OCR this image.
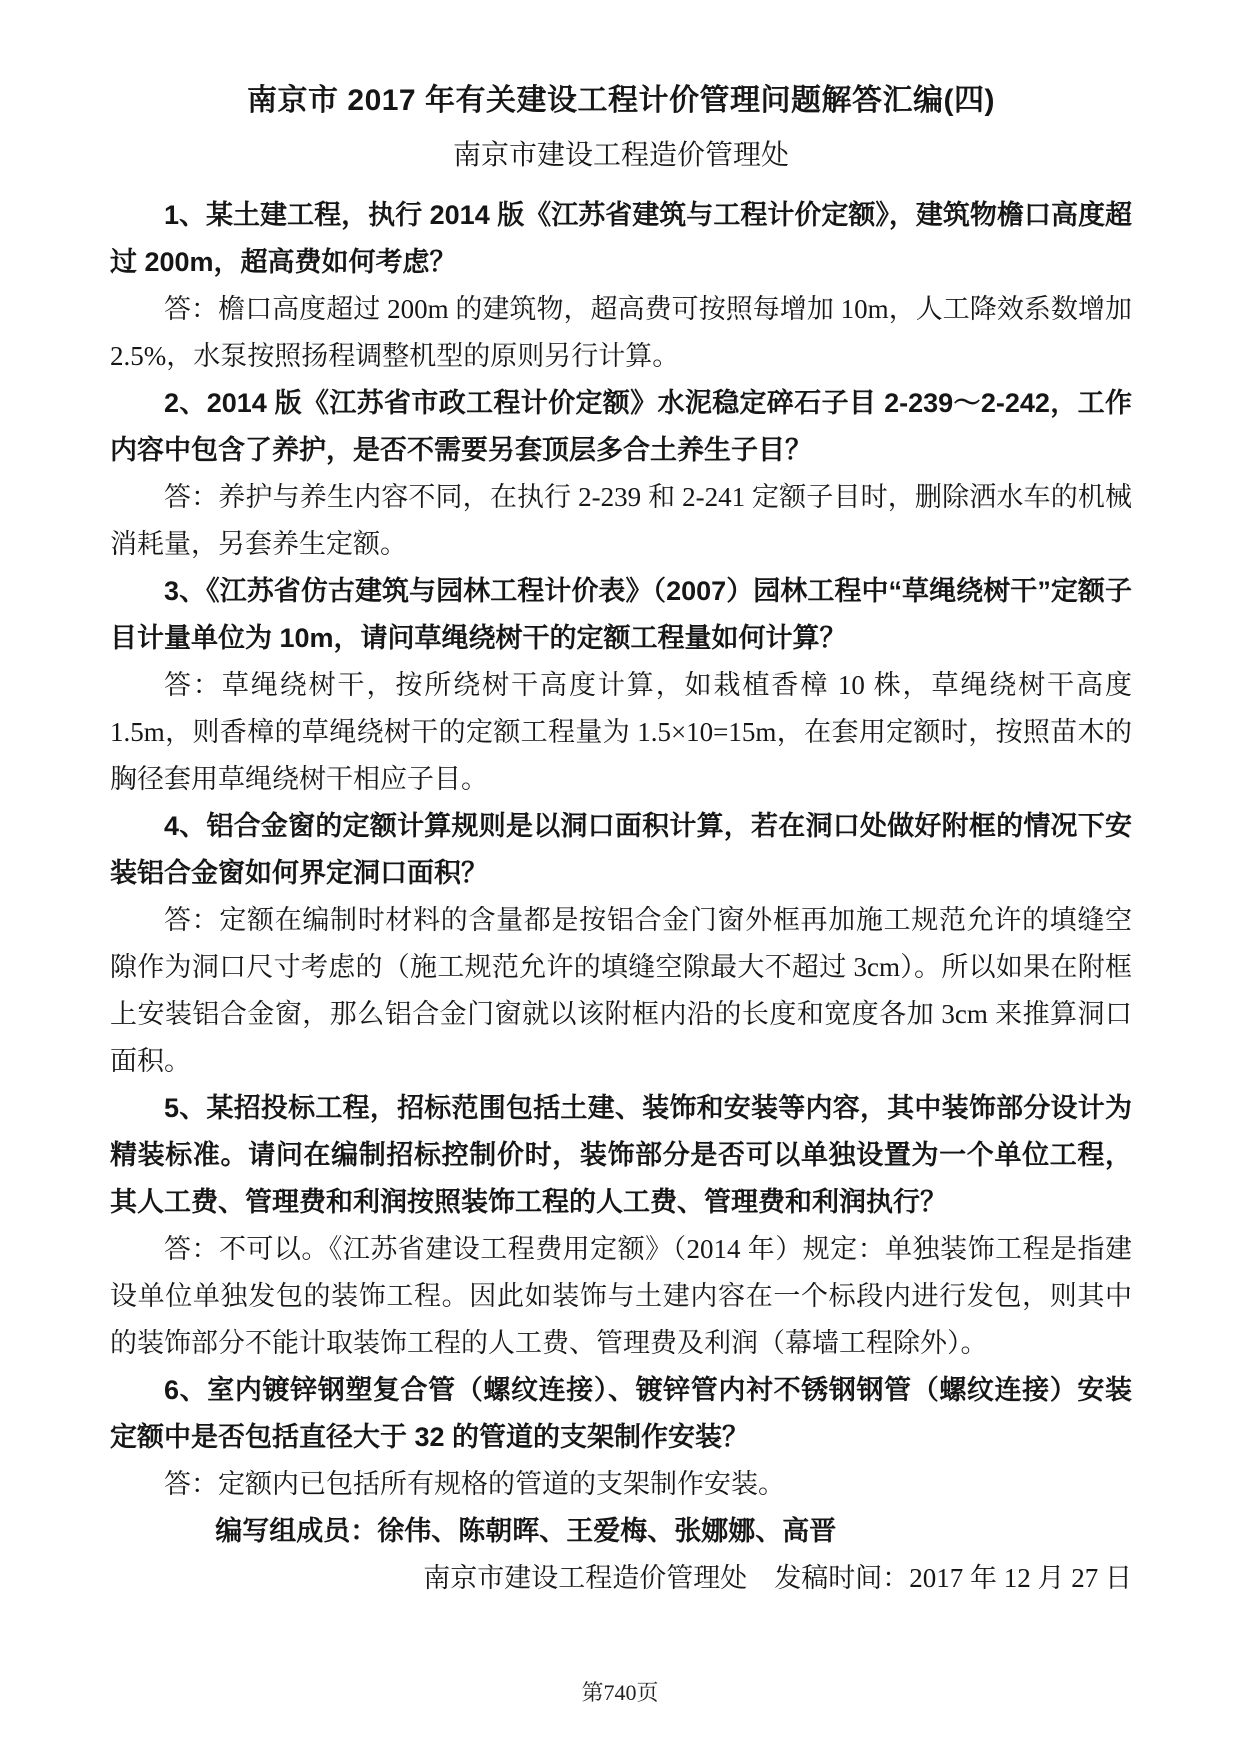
南京市 2017 年有关建设工程计价管理问题解答汇编(四)
南京市建设工程造价管理处

1、某土建工程，执行 2014 版《江苏省建筑与工程计价定额》，建筑物檐口高度超过 200m，超高费如何考虑？

答：檐口高度超过 200m 的建筑物，超高费可按照每增加 10m，人工降效系数增加 2.5%，水泵按照扬程调整机型的原则另行计算。

2、2014 版《江苏省市政工程计价定额》水泥稳定碎石子目 2-239～2-242，工作内容中包含了养护，是否不需要另套顶层多合土养生子目？

答：养护与养生内容不同，在执行 2-239 和 2-241 定额子目时，删除洒水车的机械消耗量，另套养生定额。

3、《江苏省仿古建筑与园林工程计价表》（2007）园林工程中“草绳绕树干”定额子目计量单位为 10m，请问草绳绕树干的定额工程量如何计算？

答：草绳绕树干，按所绕树干高度计算，如栽植香樟 10 株，草绳绕树干高度 1.5m，则香樟的草绳绕树干的定额工程量为 1.5×10=15m，在套用定额时，按照苗木的胸径套用草绳绕树干相应子目。

4、铝合金窗的定额计算规则是以洞口面积计算，若在洞口处做好附框的情况下安装铝合金窗如何界定洞口面积？

答：定额在编制时材料的含量都是按铝合金门窗外框再加施工规范允许的填缝空隙作为洞口尺寸考虑的（施工规范允许的填缝空隙最大不超过 3cm）。所以如果在附框上安装铝合金窗，那么铝合金门窗就以该附框内沿的长度和宽度各加 3cm 来推算洞口面积。

5、某招投标工程，招标范围包括土建、装饰和安装等内容，其中装饰部分设计为精装标准。请问在编制招标控制价时，装饰部分是否可以单独设置为一个单位工程，其人工费、管理费和利润按照装饰工程的人工费、管理费和利润执行？

答：不可以。《江苏省建设工程费用定额》（2014 年）规定：单独装饰工程是指建设单位单独发包的装饰工程。因此如装饰与土建内容在一个标段内进行发包，则其中的装饰部分不能计取装饰工程的人工费、管理费及利润（幕墙工程除外）。

6、室内镀锌钢塑复合管（螺纹连接）、镀锌管内衬不锈钢钢管（螺纹连接）安装定额中是否包括直径大于 32 的管道的支架制作安装？

答：定额内已包括所有规格的管道的支架制作安装。

编写组成员：徐伟、陈朝晖、王爱梅、张娜娜、高晋

南京市建设工程造价管理处　发稿时间：2017 年 12 月 27 日

第740页
